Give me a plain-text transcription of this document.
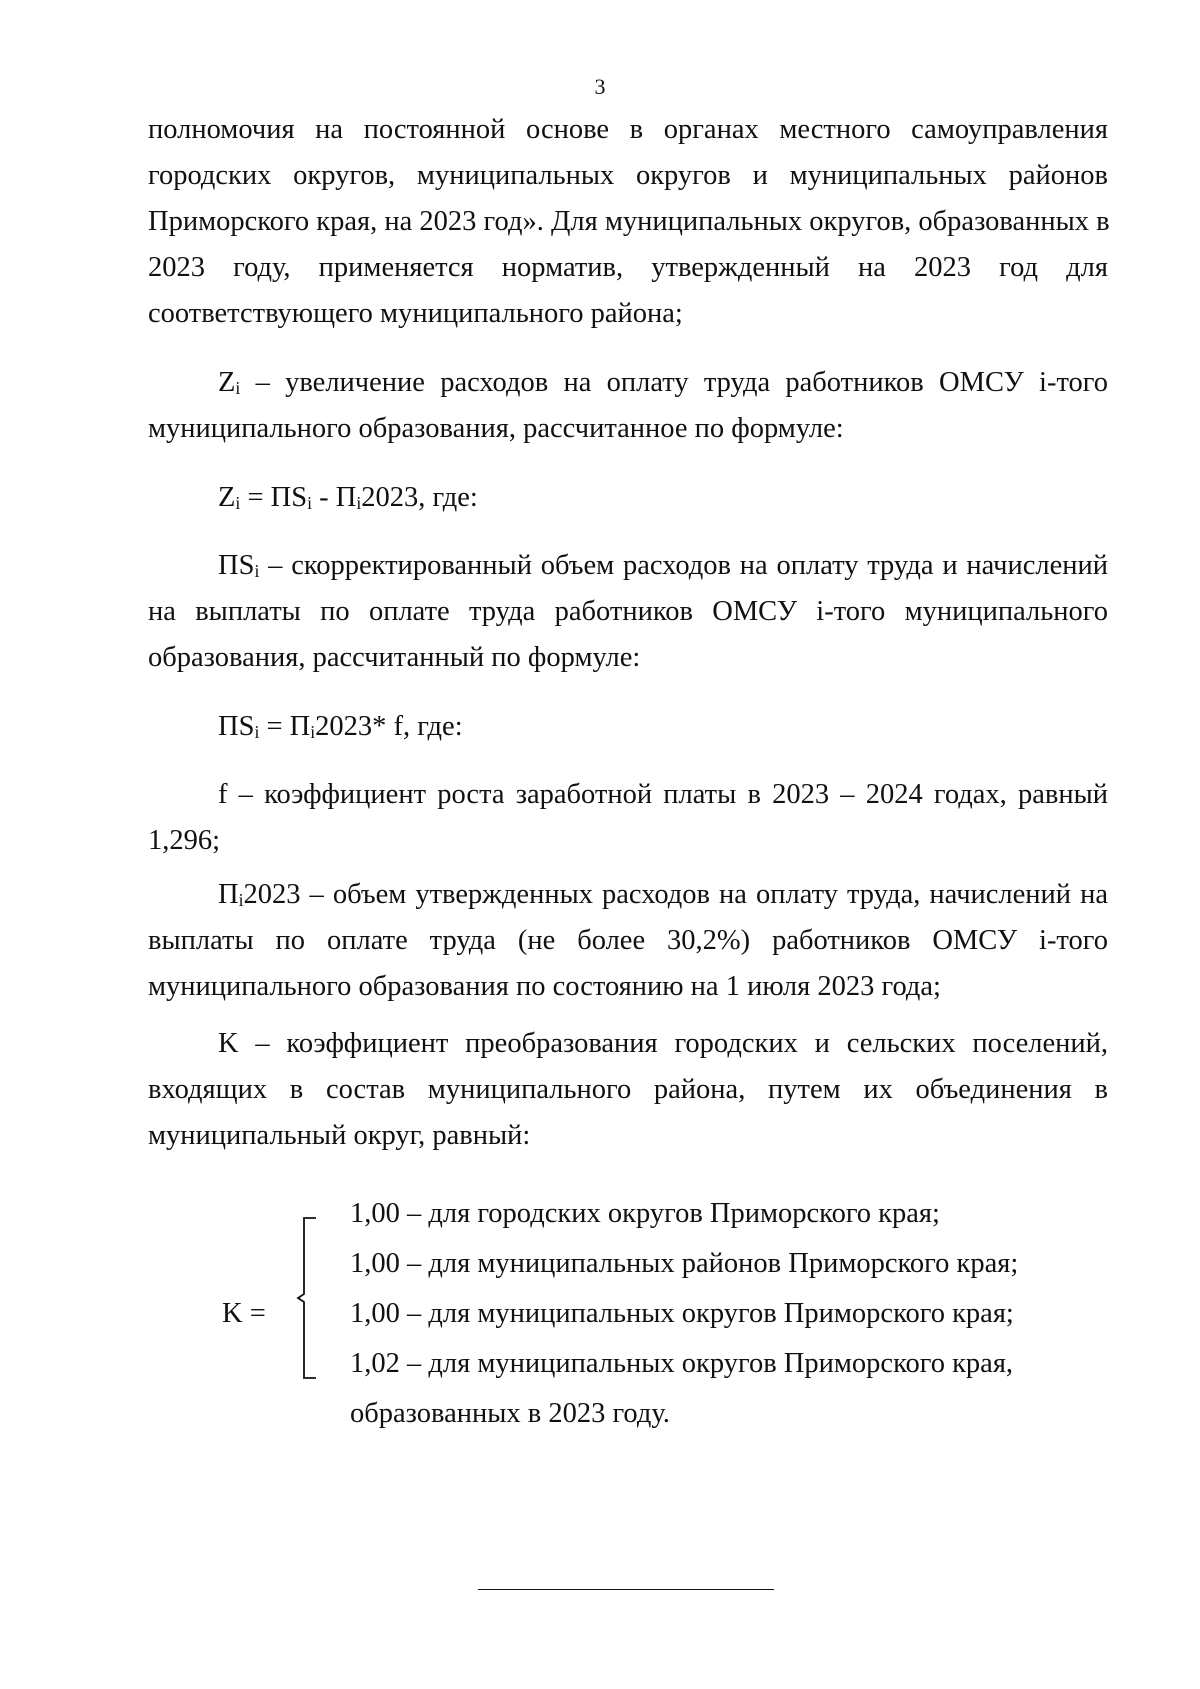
3
полномочия на постоянной основе в органах местного самоуправления
городских округов, муниципальных округов и муниципальных районов
Приморского края, на 2023 год». Для муниципальных округов, образованных в
2023 году, применяется норматив, утвержденный на 2023 год для
соответствующего муниципального района;
$Z_i$ – увеличение расходов на оплату труда работников ОМСУ i-того
муниципального образования, рассчитанное по формуле:
$Z_i = ПS_i - П_i2023$, где:
$ПS_i$ – скорректированный объем расходов на оплату труда и начислений
на выплаты по оплате труда работников ОМСУ i-того муниципального
образования, рассчитанный по формуле:
$ПS_i = П_i2023*$ f, где:
f – коэффициент роста заработной платы в 2023 – 2024 годах, равный
1,296;
$П_i2023$ – объем утвержденных расходов на оплату труда, начислений на
выплаты по оплате труда (не более 30,2%) работников ОМСУ i-того
муниципального образования по состоянию на 1 июля 2023 года;
K – коэффициент преобразования городских и сельских поселений,
входящих в состав муниципального района, путем их объединения в
муниципальный округ, равный:
K =
1,00 – для городских округов Приморского края;
1,00 – для муниципальных районов Приморского края;
1,00 – для муниципальных округов Приморского края;
1,02 – для муниципальных округов Приморского края,
образованных в 2023 году.
